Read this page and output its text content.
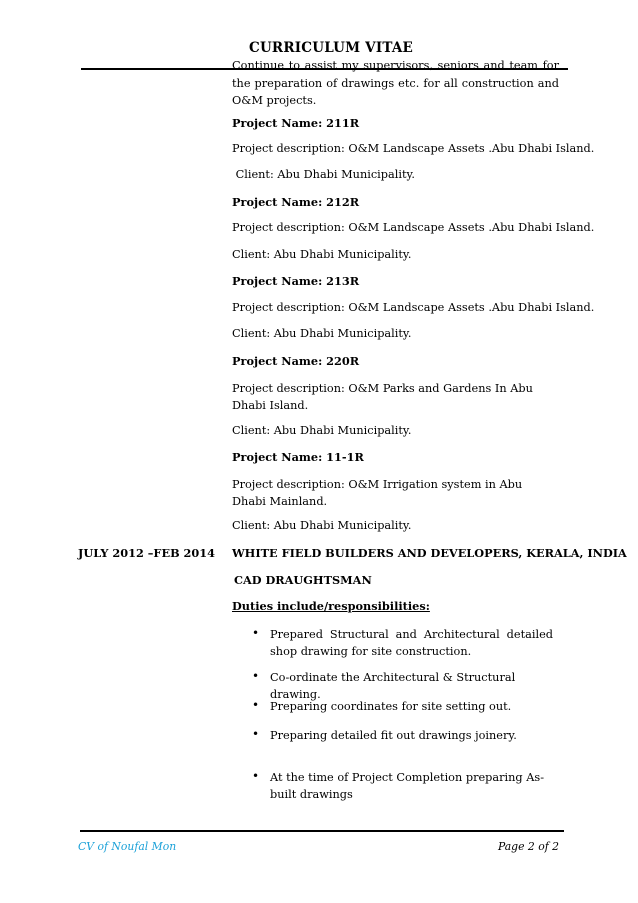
CURRICULUM VITAE
Continue to assist my supervisors, seniors and team for the preparation of drawings etc. for all construction and O&M projects.
Project Name: 211R
Project description: O&M Landscape Assets .Abu Dhabi Island.
Client: Abu Dhabi Municipality.
Project Name: 212R
Project description: O&M Landscape Assets .Abu Dhabi Island.
Client: Abu Dhabi Municipality.
Project Name: 213R
Project description: O&M Landscape Assets .Abu Dhabi Island.
Client: Abu Dhabi Municipality.
Project Name: 220R
Project description: O&M Parks and Gardens In Abu Dhabi Island.
Client: Abu Dhabi Municipality.
Project Name: 11-1R
Project description: O&M Irrigation system in Abu Dhabi Mainland.
Client: Abu Dhabi Municipality.
JULY 2012 –FEB 2014 WHITE FIELD BUILDERS AND DEVELOPERS, KERALA, INDIA
CAD DRAUGHTSMAN
Duties include/responsibilities:
• Prepared Structural and Architectural detailed shop drawing for site construction.
• Co-ordinate the Architectural & Structural drawing.
• Preparing coordinates for site setting out.
• Preparing detailed fit out drawings joinery.
• At the time of Project Completion preparing As-built drawings
CV of Noufal Mon	Page 2 of 2
